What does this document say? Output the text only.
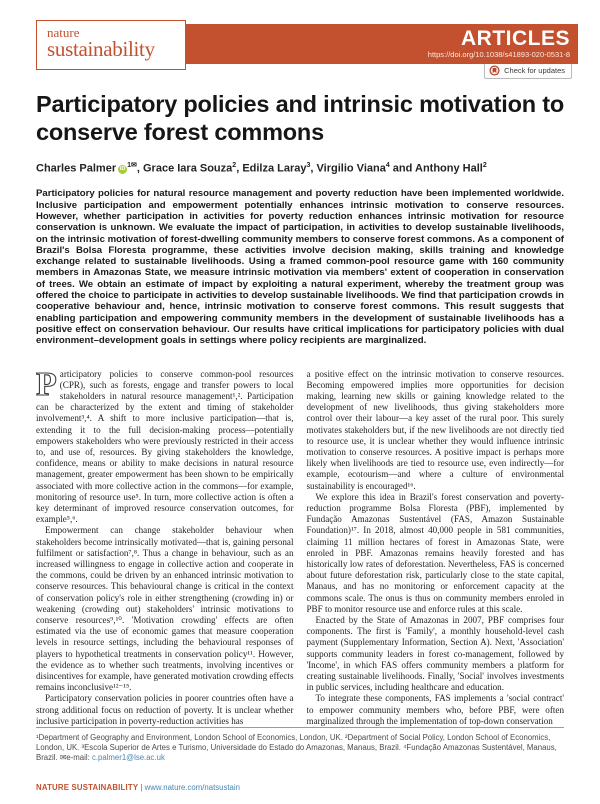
ARTICLES
https://doi.org/10.1038/s41893-020-0531-8
nature
sustainability
Check for updates
Participatory policies and intrinsic motivation to conserve forest commons
Charles Palmer $iD^{1✉}$, Grace Iara Souza$^2$, Edilza Laray$^3$, Virgilio Viana$^4$ and Anthony Hall$^2$

Participatory policies for natural resource management and poverty reduction have been implemented worldwide. Inclusive participation and empowerment potentially enhances intrinsic motivation to conserve resources. However, whether participation in activities for poverty reduction enhances intrinsic motivation for resource conservation is unknown. We evaluate the impact of participation, in activities to develop sustainable livelihoods, on the intrinsic motivation of forest-dwelling community members to conserve forest commons. As a component of Brazil's Bolsa Floresta programme, these activities involve decision making, skills training and knowledge exchange related to sustainable livelihoods. Using a framed common-pool resource game with 160 community members in Amazonas State, we measure intrinsic motivation via members' extent of cooperation in conservation of trees. We obtain an estimate of impact by exploiting a natural experiment, whereby the treatment group was offered the choice to participate in activities to develop sustainable livelihoods. We find that participation crowds in cooperative behaviour and, hence, intrinsic motivation to conserve forest commons. This result suggests that enabling participation and empowering community members in the development of sustainable livelihoods has a positive effect on conservation behaviour. Our results have critical implications for participatory policies with dual environment–development goals in settings where policy recipients are marginalized.

Participatory policies to conserve common-pool resources (CPR), such as forests, engage and transfer powers to local stakeholders in natural resource management¹,². Participation can be characterized by the extent and timing of stakeholder involvement³,⁴. A shift to more inclusive participation—that is, extending it to the full decision-making process—potentially empowers stakeholders who were previously restricted in their access to, and use of, resources. By giving stakeholders the knowledge, confidence, means or ability to make decisions in natural resource management, greater empowerment has been shown to be empirically associated with more collective action in the commons—for example, monitoring of resource use⁵. In turn, more collective action is often a key determinant of improved resource conservation outcomes, for example⁵,⁶.

Empowerment can change stakeholder behaviour when stakeholders become intrinsically motivated—that is, gaining personal fulfilment or satisfaction⁷,⁸. Thus a change in behaviour, such as an increased willingness to engage in collective action and cooperate in the commons, could be driven by an enhanced intrinsic motivation to conserve resources. This behavioural change is critical in the context of conservation policy's role in either strengthening (crowding in) or weakening (crowding out) stakeholders' intrinsic motivations to conserve resources⁹,¹⁰. 'Motivation crowding' effects are often estimated via the use of economic games that measure cooperation levels in resource settings, including the behavioural responses of players to hypothetical treatments in conservation policy¹¹. However, the evidence as to whether such treatments, involving incentives or disincentives for example, have generated motivation crowding effects remains inconclusive¹²⁻¹⁵.

Participatory conservation policies in poorer countries often have a strong additional focus on reduction of poverty. It is unclear whether inclusive participation in poverty-reduction activities has

a positive effect on the intrinsic motivation to conserve resources. Becoming empowered implies more opportunities for decision making, learning new skills or gaining knowledge related to the development of new livelihoods, thus giving stakeholders more control over their labour—a key asset of the rural poor. This surely motivates stakeholders but, if the new livelihoods are not directly tied to resource use, it is unclear whether they would influence intrinsic motivation to conserve resources. A positive impact is perhaps more likely when livelihoods are tied to resource use, even indirectly—for example, ecotourism—and where a culture of environmental sustainability is encouraged¹⁶.

We explore this idea in Brazil's forest conservation and poverty-reduction programme Bolsa Floresta (PBF), implemented by Fundação Amazonas Sustentável (FAS, Amazon Sustainable Foundation)¹⁷. In 2018, almost 40,000 people in 581 communities, claiming 11 million hectares of forest in Amazonas State, were enroled in PBF. Amazonas remains heavily forested and has historically low rates of deforestation. Nevertheless, FAS is concerned about future deforestation risk, particularly close to the state capital, Manaus, and has no monitoring or enforcement capacity at the commons scale. The onus is thus on community members enroled in PBF to monitor resource use and enforce rules at this scale.

Enacted by the State of Amazonas in 2007, PBF comprises four components. The first is 'Family', a monthly household-level cash payment (Supplementary Information, Section A). Next, 'Association' supports community leaders in forest co-management, followed by 'Income', in which FAS offers community members a platform for creating sustainable livelihoods. Finally, 'Social' involves investments in public services, including healthcare and education.

To integrate these components, FAS implements a 'social contract' to empower community members who, before PBF, were often marginalized through the implementation of top-down conservation

¹Department of Geography and Environment, London School of Economics, London, UK. ²Department of Social Policy, London School of Economics, London, UK. ³Escola Superior de Artes e Turismo, Universidade do Estado do Amazonas, Manaus, Brazil. ⁴Fundação Amazonas Sustentável, Manaus, Brazil. ✉e-mail: c.palmer1@lse.ac.uk
NATURE SUSTAINABILITY | www.nature.com/natsustain
